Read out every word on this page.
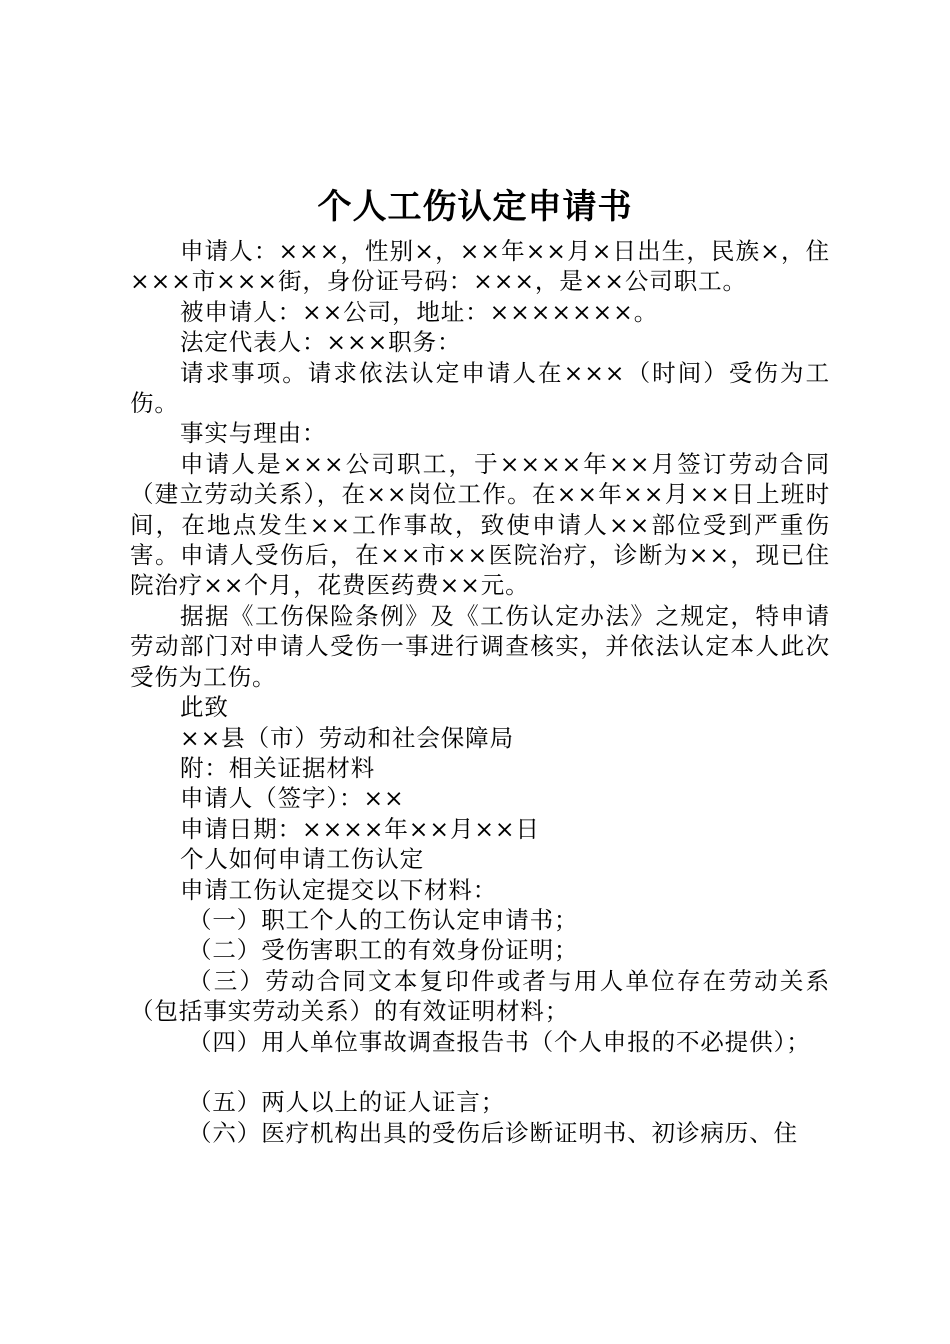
个人工伤认定申请书

申请人：×××，性别×，××年××月×日出生，民族×，住×××市×××街，身份证号码：×××，是××公司职工。

被申请人：××公司，地址：×××××××。

法定代表人：×××职务：

请求事项。请求依法认定申请人在×××（时间）受伤为工伤。

事实与理由：

申请人是×××公司职工，于××××年××月签订劳动合同（建立劳动关系），在××岗位工作。在××年××月××日上班时间，在地点发生××工作事故，致使申请人××部位受到严重伤害。申请人受伤后，在××市××医院治疗，诊断为××，现已住院治疗××个月，花费医药费××元。

据据《工伤保险条例》及《工伤认定办法》之规定，特申请劳动部门对申请人受伤一事进行调查核实，并依法认定本人此次受伤为工伤。

此致

××县（市）劳动和社会保障局

附：相关证据材料

申请人（签字）：××

申请日期：××××年××月××日

个人如何申请工伤认定

申请工伤认定提交以下材料：

（一）职工个人的工伤认定申请书；

（二）受伤害职工的有效身份证明；

（三）劳动合同文本复印件或者与用人单位存在劳动关系（包括事实劳动关系）的有效证明材料；

（四）用人单位事故调查报告书（个人申报的不必提供）；

（五）两人以上的证人证言；

（六）医疗机构出具的受伤后诊断证明书、初诊病历、住
